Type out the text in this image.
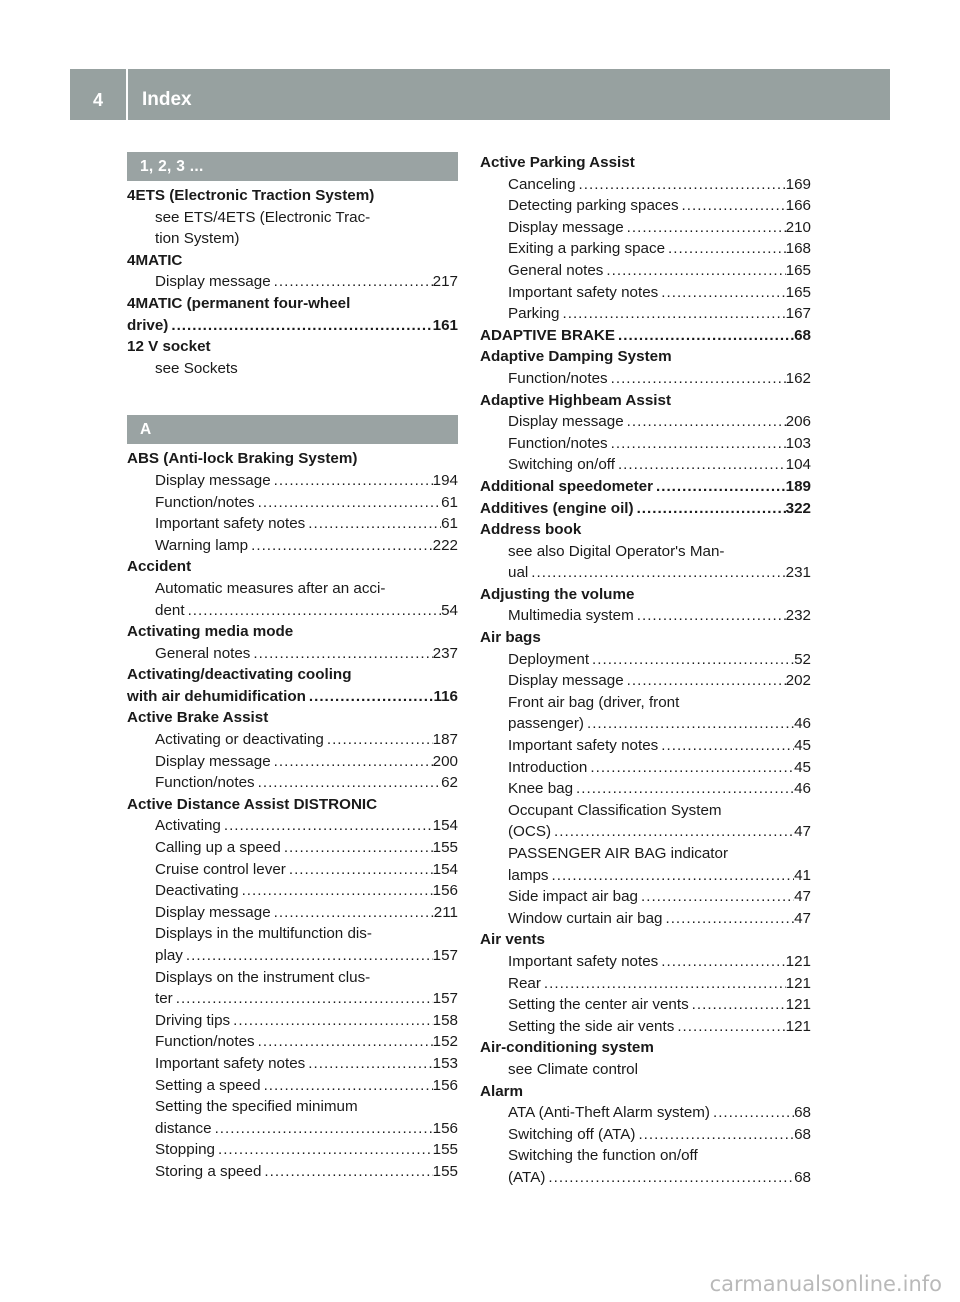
4	Index
1, 2, 3 ...
4ETS (Electronic Traction System)
see ETS/4ETS (Electronic Trac-
tion System)
4MATIC
Display message .....	217
4MATIC (permanent four-wheel
drive) .....	161
12 V socket
see Sockets
A
ABS (Anti-lock Braking System)
Display message .....	194
Function/notes .....	61
Important safety notes .....	61
Warning lamp .....	222
Accident
Automatic measures after an acci-
dent .....	54
Activating media mode
General notes .....	237
Activating/deactivating cooling
with air dehumidification .....	116
Active Brake Assist
Activating or deactivating .....	187
Display message .....	200
Function/notes .....	62
Active Distance Assist DISTRONIC
Activating .....	154
Calling up a speed .....	155
Cruise control lever .....	154
Deactivating .....	156
Display message .....	211
Displays in the multifunction dis-
play .....	157
Displays on the instrument clus-
ter .....	157
Driving tips .....	158
Function/notes .....	152
Important safety notes .....	153
Setting a speed .....	156
Setting the specified minimum
distance .....	156
Stopping .....	155
Storing a speed .....	155
Active Parking Assist
Canceling .....	169
Detecting parking spaces .....	166
Display message .....	210
Exiting a parking space .....	168
General notes .....	165
Important safety notes .....	165
Parking .....	167
ADAPTIVE BRAKE .....	68
Adaptive Damping System
Function/notes .....	162
Adaptive Highbeam Assist
Display message .....	206
Function/notes .....	103
Switching on/off .....	104
Additional speedometer .....	189
Additives (engine oil) .....	322
Address book
see also Digital Operator's Man-
ual .....	231
Adjusting the volume
Multimedia system .....	232
Air bags
Deployment .....	52
Display message .....	202
Front air bag (driver, front
passenger) .....	46
Important safety notes .....	45
Introduction .....	45
Knee bag .....	46
Occupant Classification System
(OCS) .....	47
PASSENGER AIR BAG indicator
lamps .....	41
Side impact air bag .....	47
Window curtain air bag .....	47
Air vents
Important safety notes .....	121
Rear .....	121
Setting the center air vents .....	121
Setting the side air vents .....	121
Air-conditioning system
see Climate control
Alarm
ATA (Anti-Theft Alarm system) .....	68
Switching off (ATA) .....	68
Switching the function on/off
(ATA) .....	68
carmanualsonline.info
